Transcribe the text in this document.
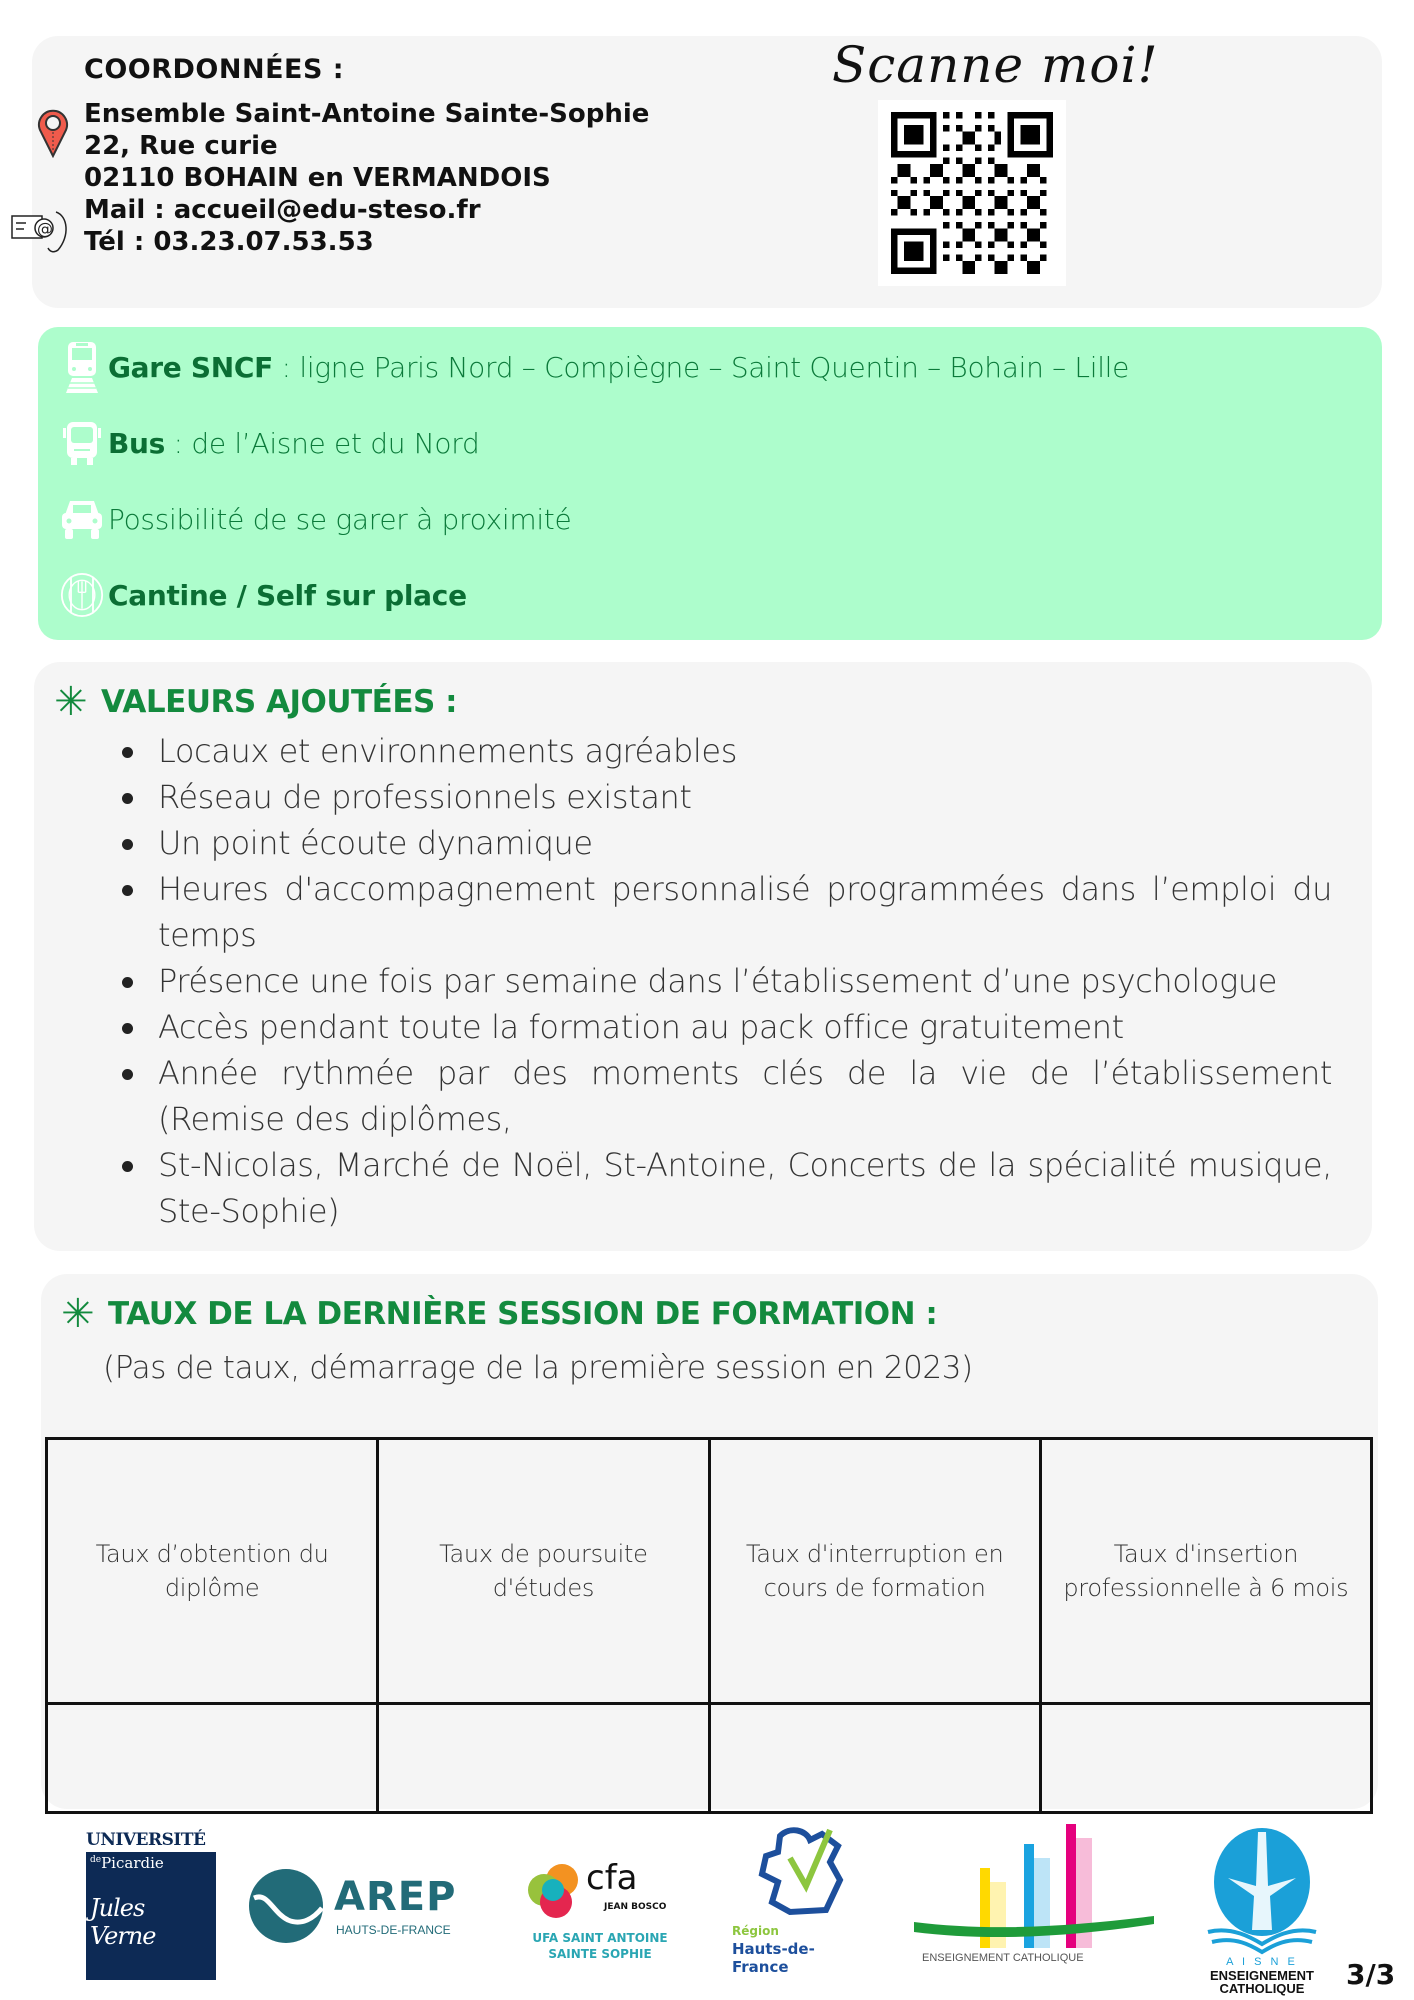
COORDONNÉES :
@
Ensemble Saint-Antoine Sainte-Sophie
22, Rue curie
02110 BOHAIN en VERMANDOIS
Mail : accueil@edu-steso.fr
Tél : 03.23.07.53.53
Scanne moi!
Gare SNCF : ligne Paris Nord – Compiègne – Saint Quentin – Bohain – Lille
Bus : de l’Aisne et du Nord
Possibilité de se garer à proximité
Cantine / Self sur place
✳ VALEURS AJOUTÉES :
Locaux et environnements agréables
Réseau de professionnels existant
Un point écoute dynamique
Heures d'accompagnement personnalisé programmées dans l’emploi du temps
Présence une fois par semaine dans l’établissement d’une psychologue
Accès pendant toute la formation au pack office gratuitement
Année rythmée par des moments clés de la vie de l’établissement (Remise des diplômes,
St-Nicolas, Marché de Noël, St-Antoine, Concerts de la spécialité musique, Ste-Sophie)
✳ TAUX DE LA DERNIÈRE SESSION DE FORMATION :
(Pas de taux, démarrage de la première session en 2023)
Taux d’obtention du diplôme	Taux de poursuite d'études	Taux d'interruption en cours de formation	Taux d'insertion professionnelle à 6 mois

UNIVERSITÉ
$^{de}$Picardie
Jules Verne
AREP
HAUTS-DE-FRANCE
cfa
JEAN BOSCO
UFA SAINT ANTOINE
SAINTE SOPHIE
Région
Hauts-de-France	ENSEIGNEMENT CATHOLIQUE	A I S N E
ENSEIGNEMENT
CATHOLIQUE	3/3
